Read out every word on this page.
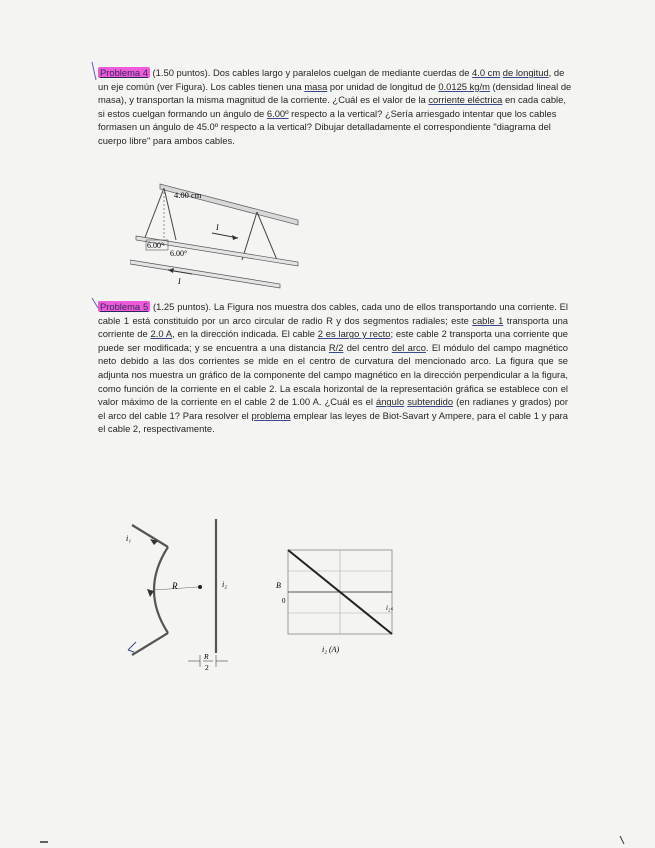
Problema 4 (1.50 puntos). Dos cables largo y paralelos cuelgan de mediante cuerdas de 4.0 cm de longitud, de un eje común (ver Figura). Los cables tienen una masa por unidad de longitud de 0.0125 kg/m (densidad lineal de masa), y transportan la misma magnitud de la corriente. ¿Cuál es el valor de la corriente eléctrica en cada cable, si estos cuelgan formando un ángulo de 6.00º respecto a la vertical? ¿Sería arriesgado intentar que los cables formasen un ángulo de 45.0º respecto a la vertical? Dibujar detalladamente el correspondiente "diagrama del cuerpo libre" para ambos cables.

4.00 cm
I
I
6.00°
6.00°

Problema 5 (1.25 puntos). La Figura nos muestra dos cables, cada uno de ellos transportando una corriente. El cable 1 está constituido por un arco circular de radio R y dos segmentos radiales; este cable 1 transporta una corriente de 2.0 A, en la dirección indicada. El cable 2 es largo y recto; este cable 2 transporta una corriente que puede ser modificada; y se encuentra a una distancia R/2 del centro del arco. El módulo del campo magnético neto debido a las dos corrientes se mide en el centro de curvatura del mencionado arco. La figura que se adjunta nos muestra un gráfico de la componente del campo magnético en la dirección perpendicular a la figura, como función de la corriente en el cable 2. La escala horizontal de la representación gráfica se establece con el valor máximo de la corriente en el cable 2 de 1.00 A. ¿Cuál es el ángulo subtendido (en radianes y grados) por el arco del cable 1? Para resolver el problema emplear las leyes de Biot-Savart y Ampere, para el cable 1 y para el cable 2, respectivamente.

R
i₁
i₂
R
2
B
0
i₂ₛ
i₂ (A)
